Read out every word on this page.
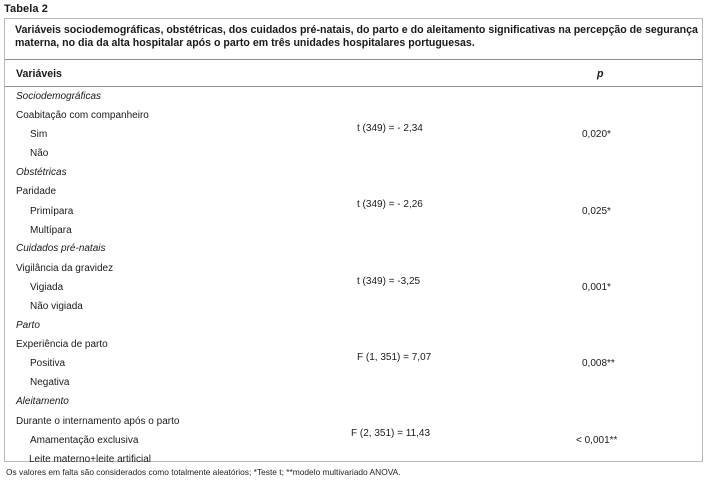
Tabela 2
Variáveis sociodemográficas, obstétricas, dos cuidados pré-natais, do parto e do aleitamento significativas na percepção de segurança materna, no dia da alta hospitalar após o parto em três unidades hospitalares portuguesas.
Variáveis	p
Sociodemográficas
Coabitação com companheiro
Sim
Não
t (349) = - 2,34
0,020*
Obstétricas
Paridade
Primípara
Multípara
t (349) = - 2,26
0,025*
Cuidados pré-natais
Vigilância da gravidez
Vigiada
Não vigiada
t (349) = -3,25
0,001*
Parto
Experiência de parto
Positiva
Negativa
F (1, 351) = 7,07
0,008**
Aleitamento
Durante o internamento após o parto
Amamentação exclusiva
F (2, 351) = 11,43
< 0,001**
Leite materno+leite artificial
Os valores em falta são considerados como totalmente aleatórios; *Teste t; **modelo multivariado ANOVA.
